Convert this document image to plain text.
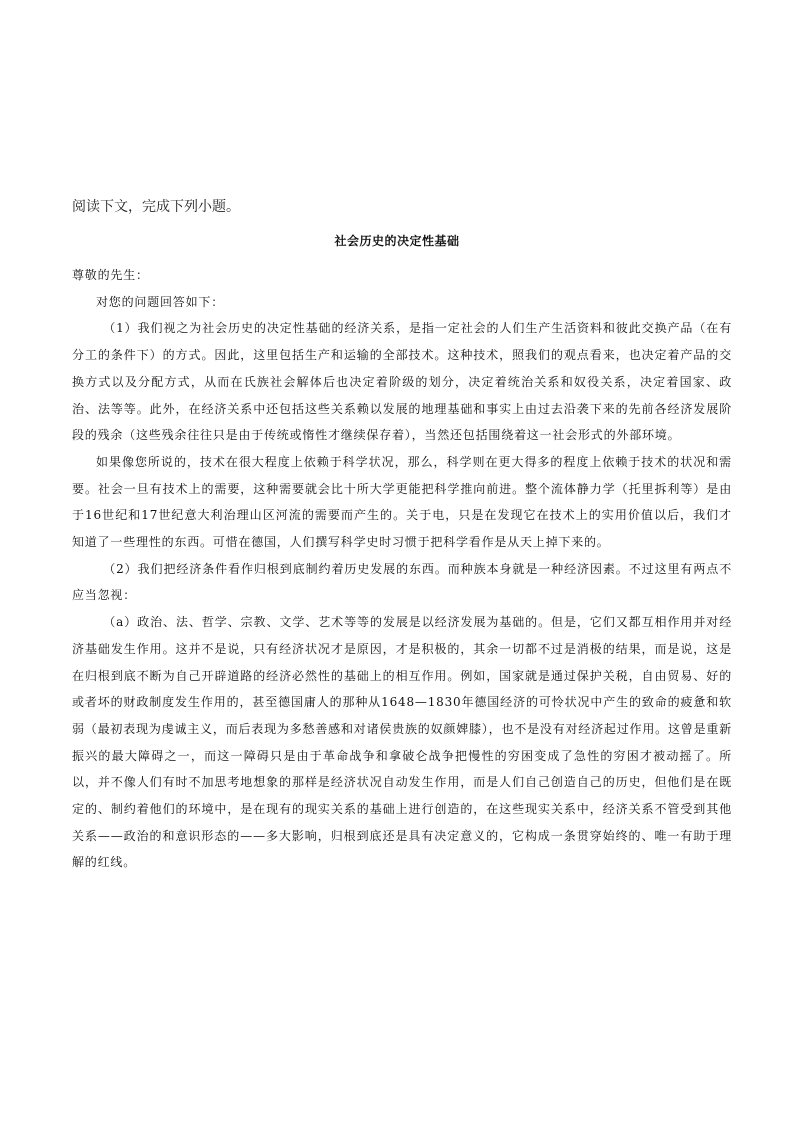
阅读下文，完成下列小题。
社会历史的决定性基础

尊敬的先生：

对您的问题回答如下：

（1）我们视之为社会历史的决定性基础的经济关系，是指一定社会的人们生产生活资料和彼此交换产品（在有分工的条件下）的方式。因此，这里包括生产和运输的全部技术。这种技术，照我们的观点看来，也决定着产品的交换方式以及分配方式，从而在氏族社会解体后也决定着阶级的划分，决定着统治关系和奴役关系，决定着国家、政治、法等等。此外，在经济关系中还包括这些关系赖以发展的地理基础和事实上由过去沿袭下来的先前各经济发展阶段的残余（这些残余往往只是由于传统或惰性才继续保存着），当然还包括围绕着这一社会形式的外部环境。

如果像您所说的，技术在很大程度上依赖于科学状况，那么，科学则在更大得多的程度上依赖于技术的状况和需要。社会一旦有技术上的需要，这种需要就会比十所大学更能把科学推向前进。整个流体静力学（托里拆利等）是由于16世纪和17世纪意大利治理山区河流的需要而产生的。关于电，只是在发现它在技术上的实用价值以后，我们才知道了一些理性的东西。可惜在德国，人们撰写科学史时习惯于把科学看作是从天上掉下来的。

（2）我们把经济条件看作归根到底制约着历史发展的东西。而种族本身就是一种经济因素。不过这里有两点不应当忽视：

（a）政治、法、哲学、宗教、文学、艺术等等的发展是以经济发展为基础的。但是，它们又都互相作用并对经济基础发生作用。这并不是说，只有经济状况才是原因，才是积极的，其余一切都不过是消极的结果，而是说，这是在归根到底不断为自己开辟道路的经济必然性的基础上的相互作用。例如，国家就是通过保护关税，自由贸易、好的或者坏的财政制度发生作用的，甚至德国庸人的那种从1648—1830年德国经济的可怜状况中产生的致命的疲惫和软弱（最初表现为虔诚主义，而后表现为多愁善感和对诸侯贵族的奴颜婢膝），也不是没有对经济起过作用。这曾是重新振兴的最大障碍之一，而这一障碍只是由于革命战争和拿破仑战争把慢性的穷困变成了急性的穷困才被动摇了。所以，并不像人们有时不加思考地想象的那样是经济状况自动发生作用，而是人们自己创造自己的历史，但他们是在既定的、制约着他们的环境中，是在现有的现实关系的基础上进行创造的，在这些现实关系中，经济关系不管受到其他关系——政治的和意识形态的——多大影响，归根到底还是具有决定意义的，它构成一条贯穿始终的、唯一有助于理解的红线。
